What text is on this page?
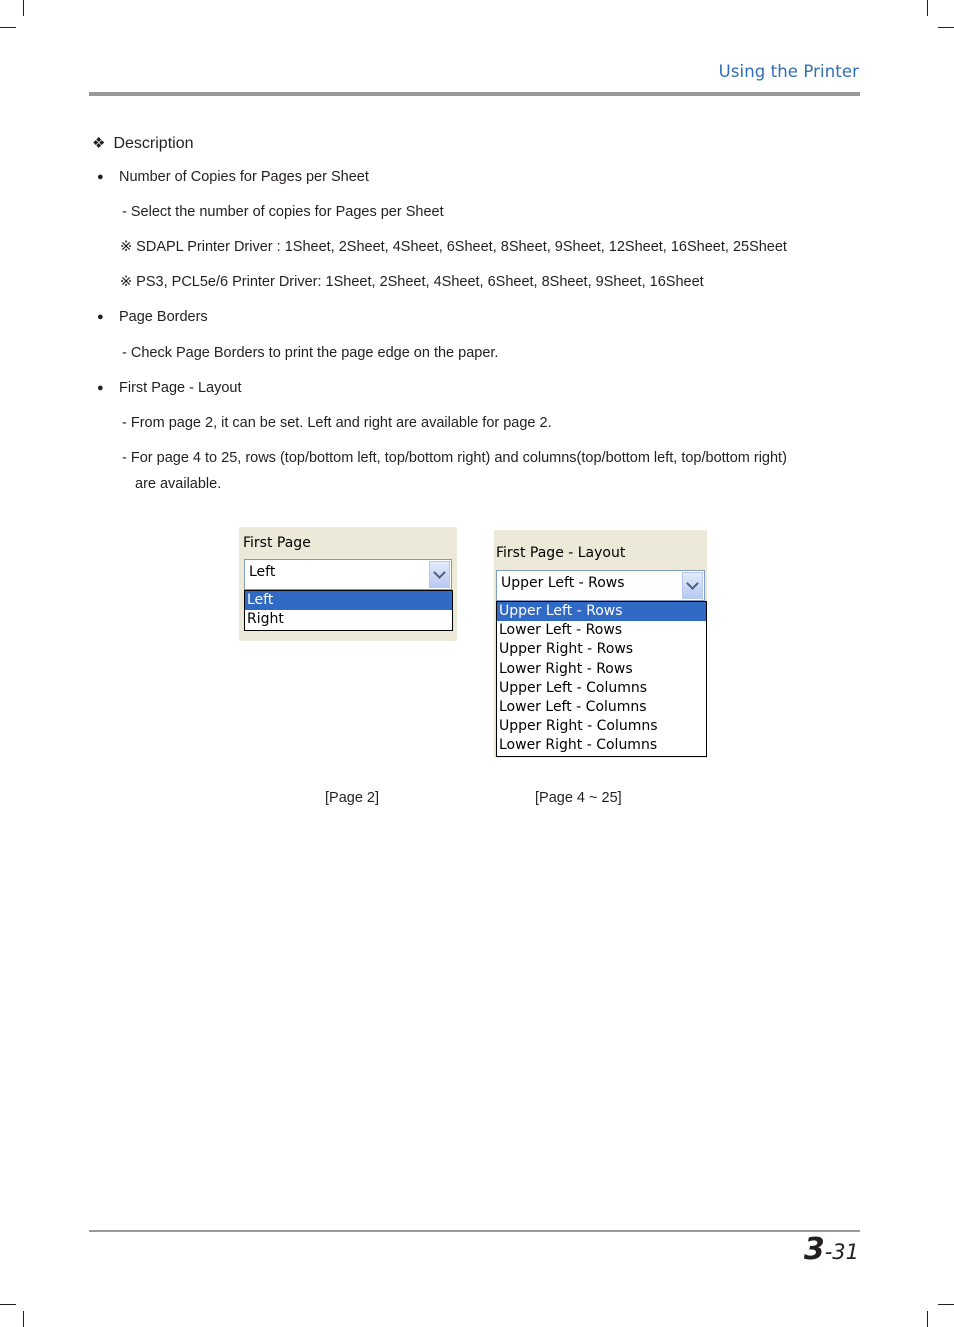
Using the Printer
❖ Description
● Number of Copies for Pages per Sheet
- Select the number of copies for Pages per Sheet
※ SDAPL Printer Driver : 1Sheet, 2Sheet, 4Sheet, 6Sheet, 8Sheet, 9Sheet, 12Sheet, 16Sheet, 25Sheet
※ PS3, PCL5e/6 Printer Driver: 1Sheet, 2Sheet, 4Sheet, 6Sheet, 8Sheet, 9Sheet, 16Sheet
● Page Borders
- Check Page Borders to print the page edge on the paper.
● First Page - Layout
- From page 2, it can be set. Left and right are available for page 2.
- For page 4 to 25, rows (top/bottom left, top/bottom right) and columns(top/bottom left, top/bottom right)
are available.
First Page
Left
Left
Right
First Page - Layout
Upper Left - Rows
Upper Left - Rows
Lower Left - Rows
Upper Right - Rows
Lower Right - Rows
Upper Left - Columns
Lower Left - Columns
Upper Right - Columns
Lower Right - Columns
[Page 2]	[Page 4 ~ 25]
3-31
